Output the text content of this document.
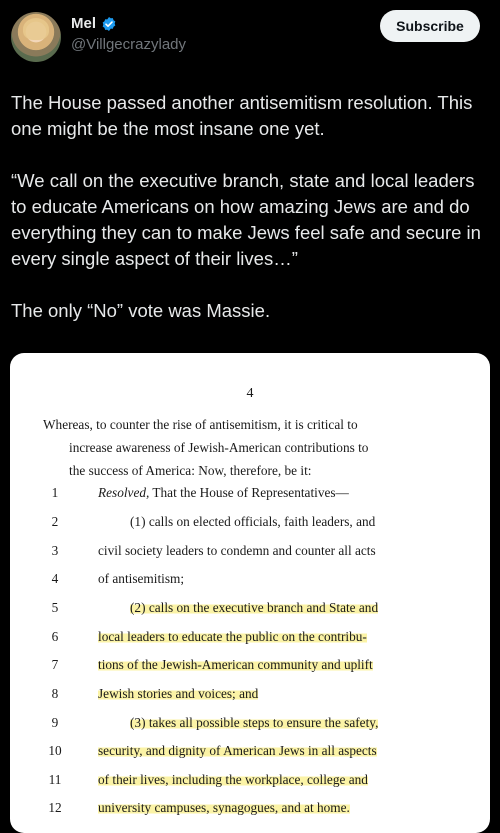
Mel
@Villgecrazylady
Subscribe

The House passed another antisemitism resolution. This one might be the most insane one yet.

“We call on the executive branch, state and local leaders to educate Americans on how amazing Jews are and do everything they can to make Jews feel safe and secure in every single aspect of their lives…”

The only “No” vote was Massie.

4
Whereas, to counter the rise of antisemitism, it is critical to
increase awareness of Jewish-American contributions to
the success of America: Now, therefore, be it:
1	Resolved, That the House of Representatives—
2	(1) calls on elected officials, faith leaders, and
3	civil society leaders to condemn and counter all acts
4	of antisemitism;
5	(2) calls on the executive branch and State and
6	local leaders to educate the public on the contribu-
7	tions of the Jewish-American community and uplift
8	Jewish stories and voices; and
9	(3) takes all possible steps to ensure the safety,
10	security, and dignity of American Jews in all aspects
11	of their lives, including the workplace, college and
12	university campuses, synagogues, and at home.
